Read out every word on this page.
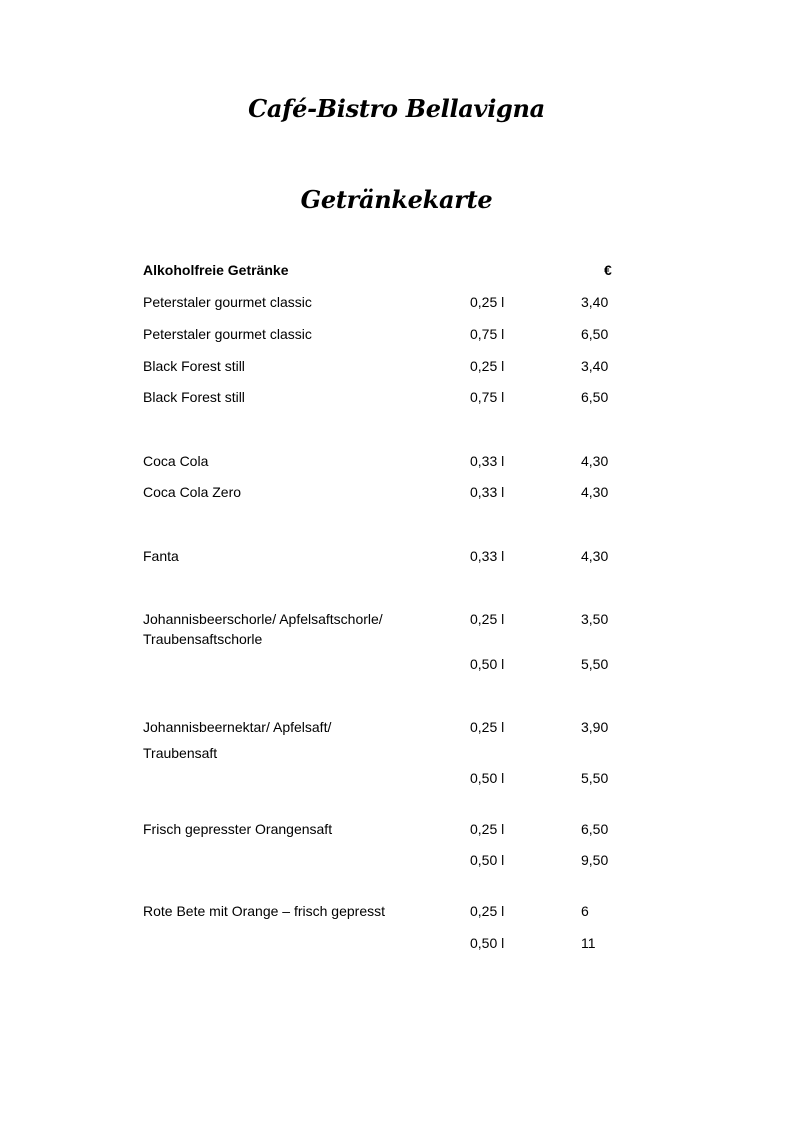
Café-Bistro Bellavigna
Getränkekarte
Alkoholfreie Getränke	€
Peterstaler gourmet classic	0,25 l	3,40
Peterstaler gourmet classic	0,75 l	6,50
Black Forest still	0,25 l	3,40
Black Forest still	0,75 l	6,50
Coca Cola	0,33 l	4,30
Coca Cola Zero	0,33 l	4,30
Fanta	0,33 l	4,30
Johannisbeerschorle/ Apfelsaftschorle/	0,25 l	3,50
Traubensaftschorle
0,50 l	5,50
Johannisbeernektar/ Apfelsaft/	0,25 l	3,90
Traubensaft
0,50 l	5,50
Frisch gepresster Orangensaft	0,25 l	6,50
0,50 l	9,50
Rote Bete mit Orange – frisch gepresst	0,25 l	6
0,50 l	11
